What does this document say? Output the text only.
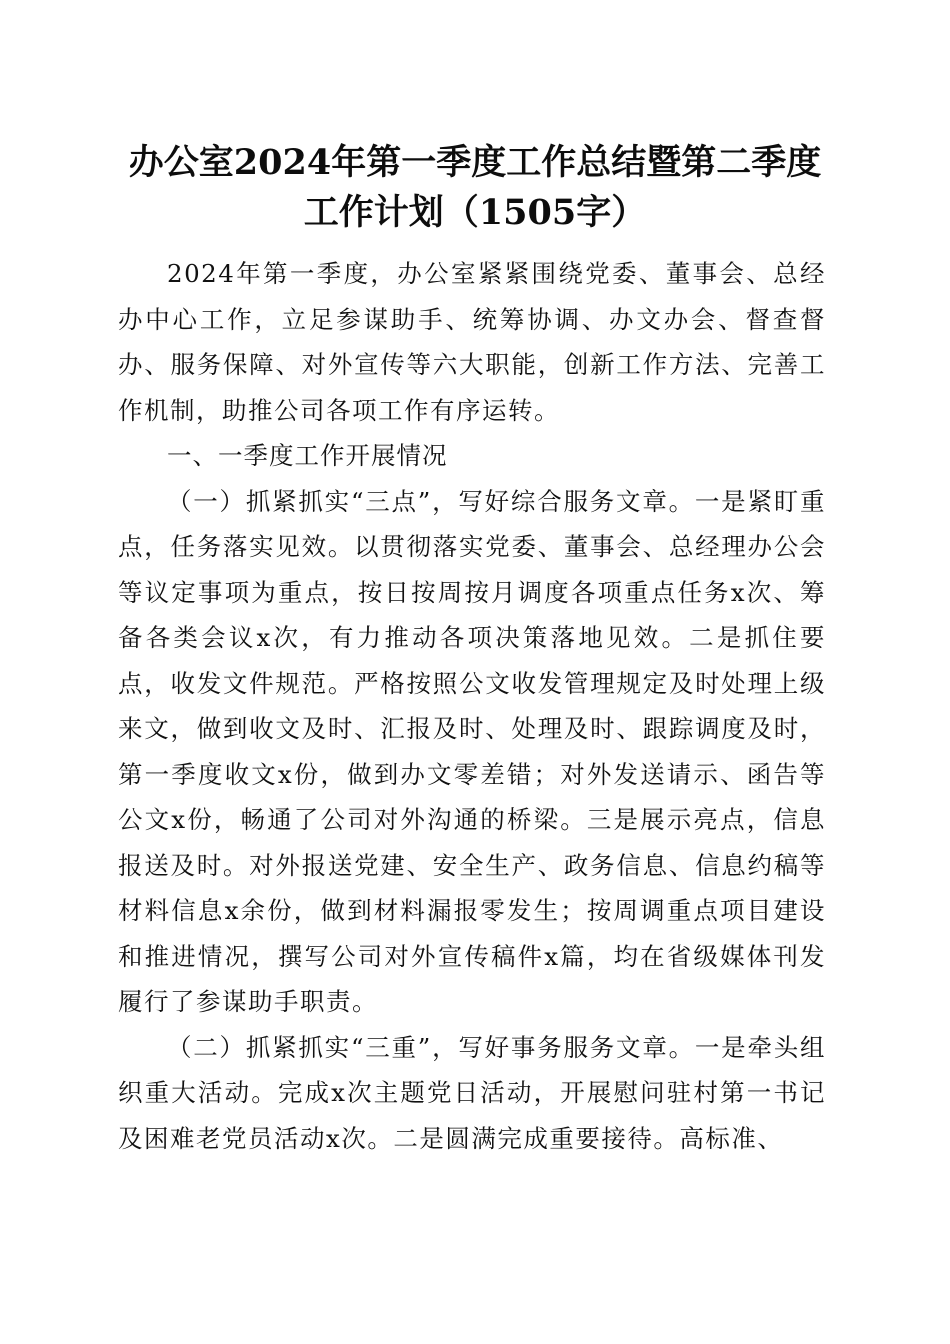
办公室2024年第一季度工作总结暨第二季度
工作计划（1505字）

2024年第一季度，办公室紧紧围绕党委、董事会、总经办中心工作，立足参谋助手、统筹协调、办文办会、督查督办、服务保障、对外宣传等六大职能，创新工作方法、完善工作机制，助推公司各项工作有序运转。

一、一季度工作开展情况

（一）抓紧抓实“三点”，写好综合服务文章。一是紧盯重点，任务落实见效。以贯彻落实党委、董事会、总经理办公会等议定事项为重点，按日按周按月调度各项重点任务x次、筹备各类会议x次，有力推动各项决策落地见效。二是抓住要点，收发文件规范。严格按照公文收发管理规定及时处理上级来文，做到收文及时、汇报及时、处理及时、跟踪调度及时，第一季度收文x份，做到办文零差错；对外发送请示、函告等公文x份，畅通了公司对外沟通的桥梁。三是展示亮点，信息报送及时。对外报送党建、安全生产、政务信息、信息约稿等材料信息x余份，做到材料漏报零发生；按周调重点项目建设和推进情况，撰写公司对外宣传稿件x篇，均在省级媒体刊发履行了参谋助手职责。

（二）抓紧抓实“三重”，写好事务服务文章。一是牵头组织重大活动。完成x次主题党日活动，开展慰问驻村第一书记及困难老党员活动x次。二是圆满完成重要接待。高标准、
